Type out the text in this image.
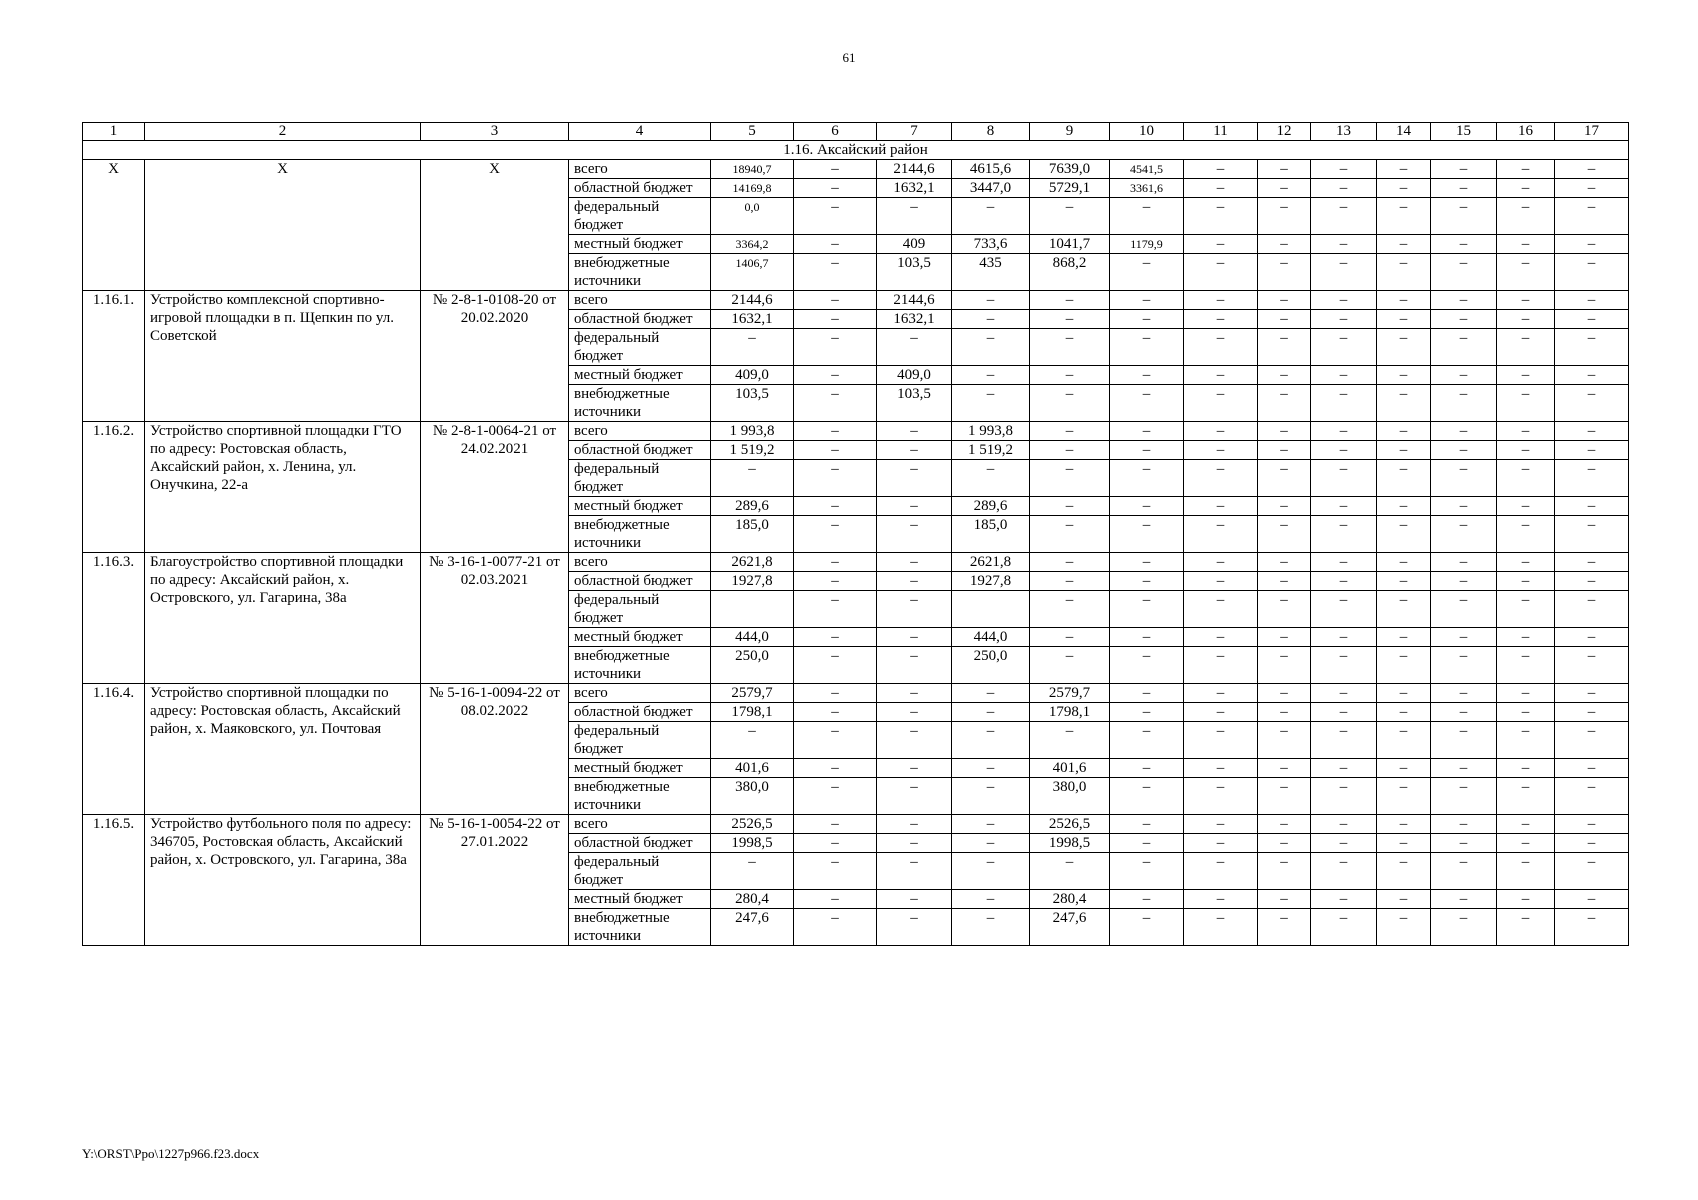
61
1	2	3	4	5	6	7	8	9	10	11	12	13	14	15	16	17
1.16. Аксайский район																
X	X	X	всего	18940,7	–	2144,6	4615,6	7639,0	4541,5	–	–	–	–	–	–	–
			областной бюджет	14169,8	–	1632,1	3447,0	5729,1	3361,6	–	–	–	–	–	–	–
			федеральный бюджет	0,0	–	–	–	–	–	–	–	–	–	–	–	–
			местный бюджет	3364,2	–	409	733,6	1041,7	1179,9	–	–	–	–	–	–	–
			внебюджетные источники	1406,7	–	103,5	435	868,2	–	–	–	–	–	–	–	–
1.16.1.	Устройство комплексной спортивно-игровой площадки в п. Щепкин по ул. Советской	№ 2-8-1-0108-20 от 20.02.2020	всего	2144,6	–	2144,6	–	–	–	–	–	–	–	–	–	–
			областной бюджет	1632,1	–	1632,1	–	–	–	–	–	–	–	–	–	–
			федеральный бюджет	–	–	–	–	–	–	–	–	–	–	–	–	–
			местный бюджет	409,0	–	409,0	–	–	–	–	–	–	–	–	–	–
			внебюджетные источники	103,5	–	103,5	–	–	–	–	–	–	–	–	–	–
1.16.2.	Устройство спортивной площадки ГТО по адресу: Ростовская область, Аксайский район, х. Ленина, ул. Онучкина, 22-а	№ 2-8-1-0064-21 от 24.02.2021	всего	1 993,8	–	–	1 993,8	–	–	–	–	–	–	–	–	–
			областной бюджет	1 519,2	–	–	1 519,2	–	–	–	–	–	–	–	–	–
			федеральный бюджет	–	–	–	–	–	–	–	–	–	–	–	–	–
			местный бюджет	289,6	–	–	289,6	–	–	–	–	–	–	–	–	–
			внебюджетные источники	185,0	–	–	185,0	–	–	–	–	–	–	–	–	–
1.16.3.	Благоустройство спортивной площадки по адресу: Аксайский район, х. Островского, ул. Гагарина, 38а	№ 3-16-1-0077-21 от 02.03.2021	всего	2621,8	–	–	2621,8	–	–	–	–	–	–	–	–	–
			областной бюджет	1927,8	–	–	1927,8	–	–	–	–	–	–	–	–	–
			федеральный бюджет		–	–		–	–	–	–	–	–	–	–	–
			местный бюджет	444,0	–	–	444,0	–	–	–	–	–	–	–	–	–
			внебюджетные источники	250,0	–	–	250,0	–	–	–	–	–	–	–	–	–
1.16.4.	Устройство спортивной площадки по адресу: Ростовская область, Аксайский район, х. Маяковского, ул. Почтовая	№ 5-16-1-0094-22 от 08.02.2022	всего	2579,7	–	–	–	2579,7	–	–	–	–	–	–	–	–
			областной бюджет	1798,1	–	–	–	1798,1	–	–	–	–	–	–	–	–
			федеральный бюджет	–	–	–	–	–	–	–	–	–	–	–	–	–
			местный бюджет	401,6	–	–	–	401,6	–	–	–	–	–	–	–	–
			внебюджетные источники	380,0	–	–	–	380,0	–	–	–	–	–	–	–	–
1.16.5.	Устройство футбольного поля по адресу: 346705, Ростовская область, Аксайский район, х. Островского, ул. Гагарина, 38а	№ 5-16-1-0054-22 от 27.01.2022	всего	2526,5	–	–	–	2526,5	–	–	–	–	–	–	–	–
			областной бюджет	1998,5	–	–	–	1998,5	–	–	–	–	–	–	–	–
			федеральный бюджет	–	–	–	–	–	–	–	–	–	–	–	–	–
			местный бюджет	280,4	–	–	–	280,4	–	–	–	–	–	–	–	–
			внебюджетные источники	247,6	–	–	–	247,6	–	–	–	–	–	–	–	–
Y:\ORST\Ppo\1227p966.f23.docx
